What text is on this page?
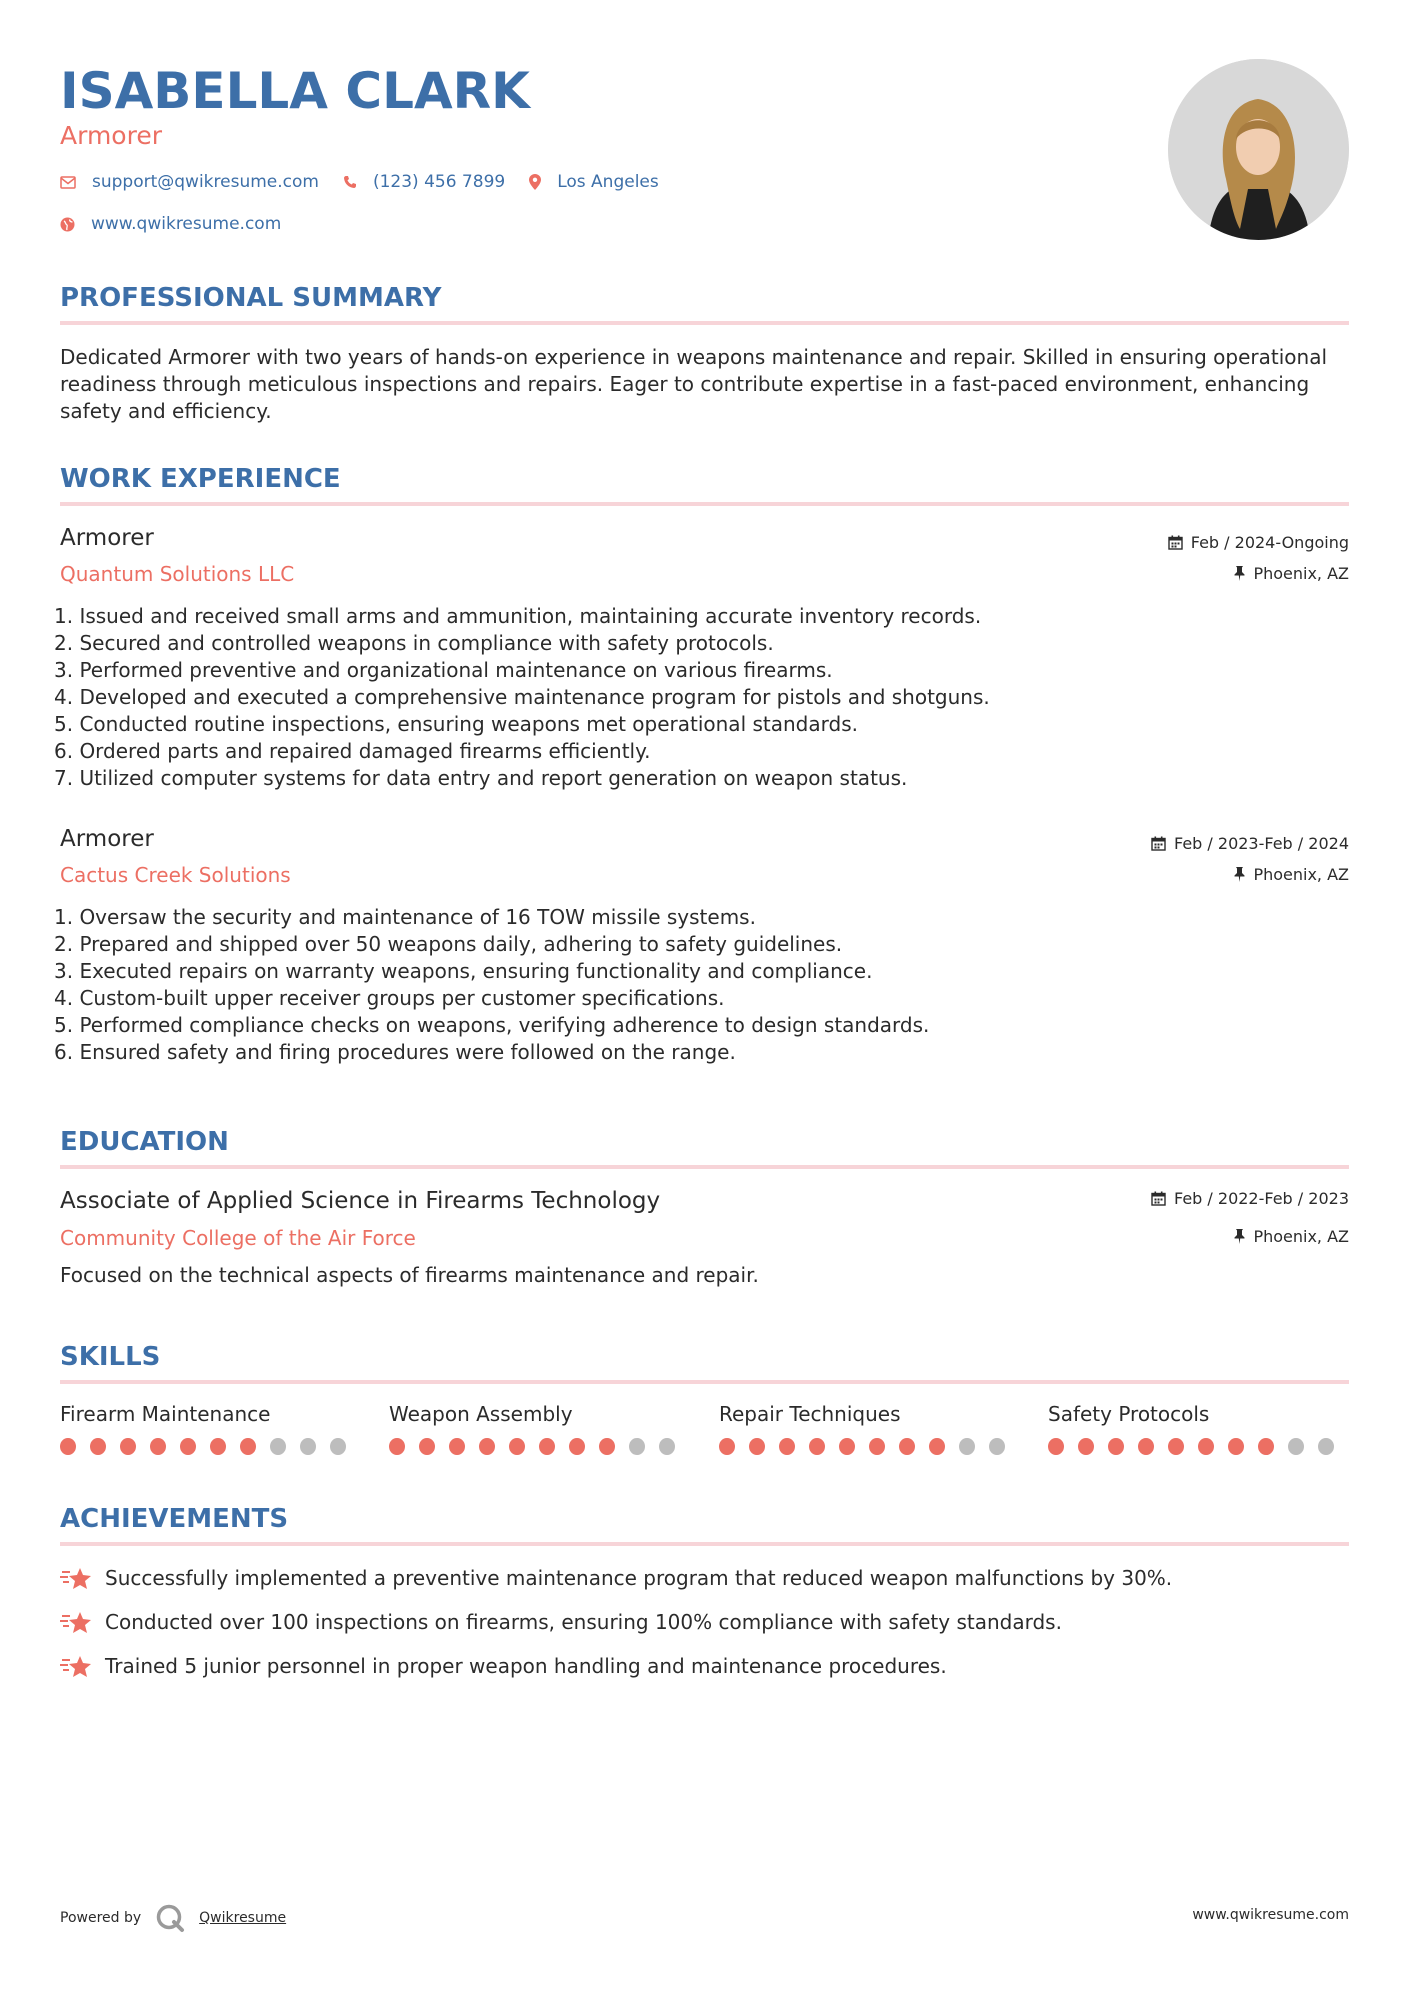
ISABELLA CLARK
Armorer
support@qwikresume.com	(123) 456 7899	Los Angeles
www.qwikresume.com
PROFESSIONAL SUMMARY
Dedicated Armorer with two years of hands-on experience in weapons maintenance and repair. Skilled in ensuring operational readiness through meticulous inspections and repairs. Eager to contribute expertise in a fast-paced environment, enhancing safety and efficiency.
WORK EXPERIENCE
Armorer
Quantum Solutions LLC
Feb / 2024-Ongoing
Phoenix, AZ
1. Issued and received small arms and ammunition, maintaining accurate inventory records.
2. Secured and controlled weapons in compliance with safety protocols.
3. Performed preventive and organizational maintenance on various firearms.
4. Developed and executed a comprehensive maintenance program for pistols and shotguns.
5. Conducted routine inspections, ensuring weapons met operational standards.
6. Ordered parts and repaired damaged firearms efficiently.
7. Utilized computer systems for data entry and report generation on weapon status.
Armorer
Cactus Creek Solutions
Feb / 2023-Feb / 2024
Phoenix, AZ
1. Oversaw the security and maintenance of 16 TOW missile systems.
2. Prepared and shipped over 50 weapons daily, adhering to safety guidelines.
3. Executed repairs on warranty weapons, ensuring functionality and compliance.
4. Custom-built upper receiver groups per customer specifications.
5. Performed compliance checks on weapons, verifying adherence to design standards.
6. Ensured safety and firing procedures were followed on the range.
EDUCATION
Associate of Applied Science in Firearms Technology
Community College of the Air Force
Feb / 2022-Feb / 2023
Phoenix, AZ
Focused on the technical aspects of firearms maintenance and repair.
SKILLS
Firearm Maintenance	Weapon Assembly	Repair Techniques	Safety Protocols
ACHIEVEMENTS
Successfully implemented a preventive maintenance program that reduced weapon malfunctions by 30%.
Conducted over 100 inspections on firearms, ensuring 100% compliance with safety standards.
Trained 5 junior personnel in proper weapon handling and maintenance procedures.
Powered by	Qwikresume	www.qwikresume.com
